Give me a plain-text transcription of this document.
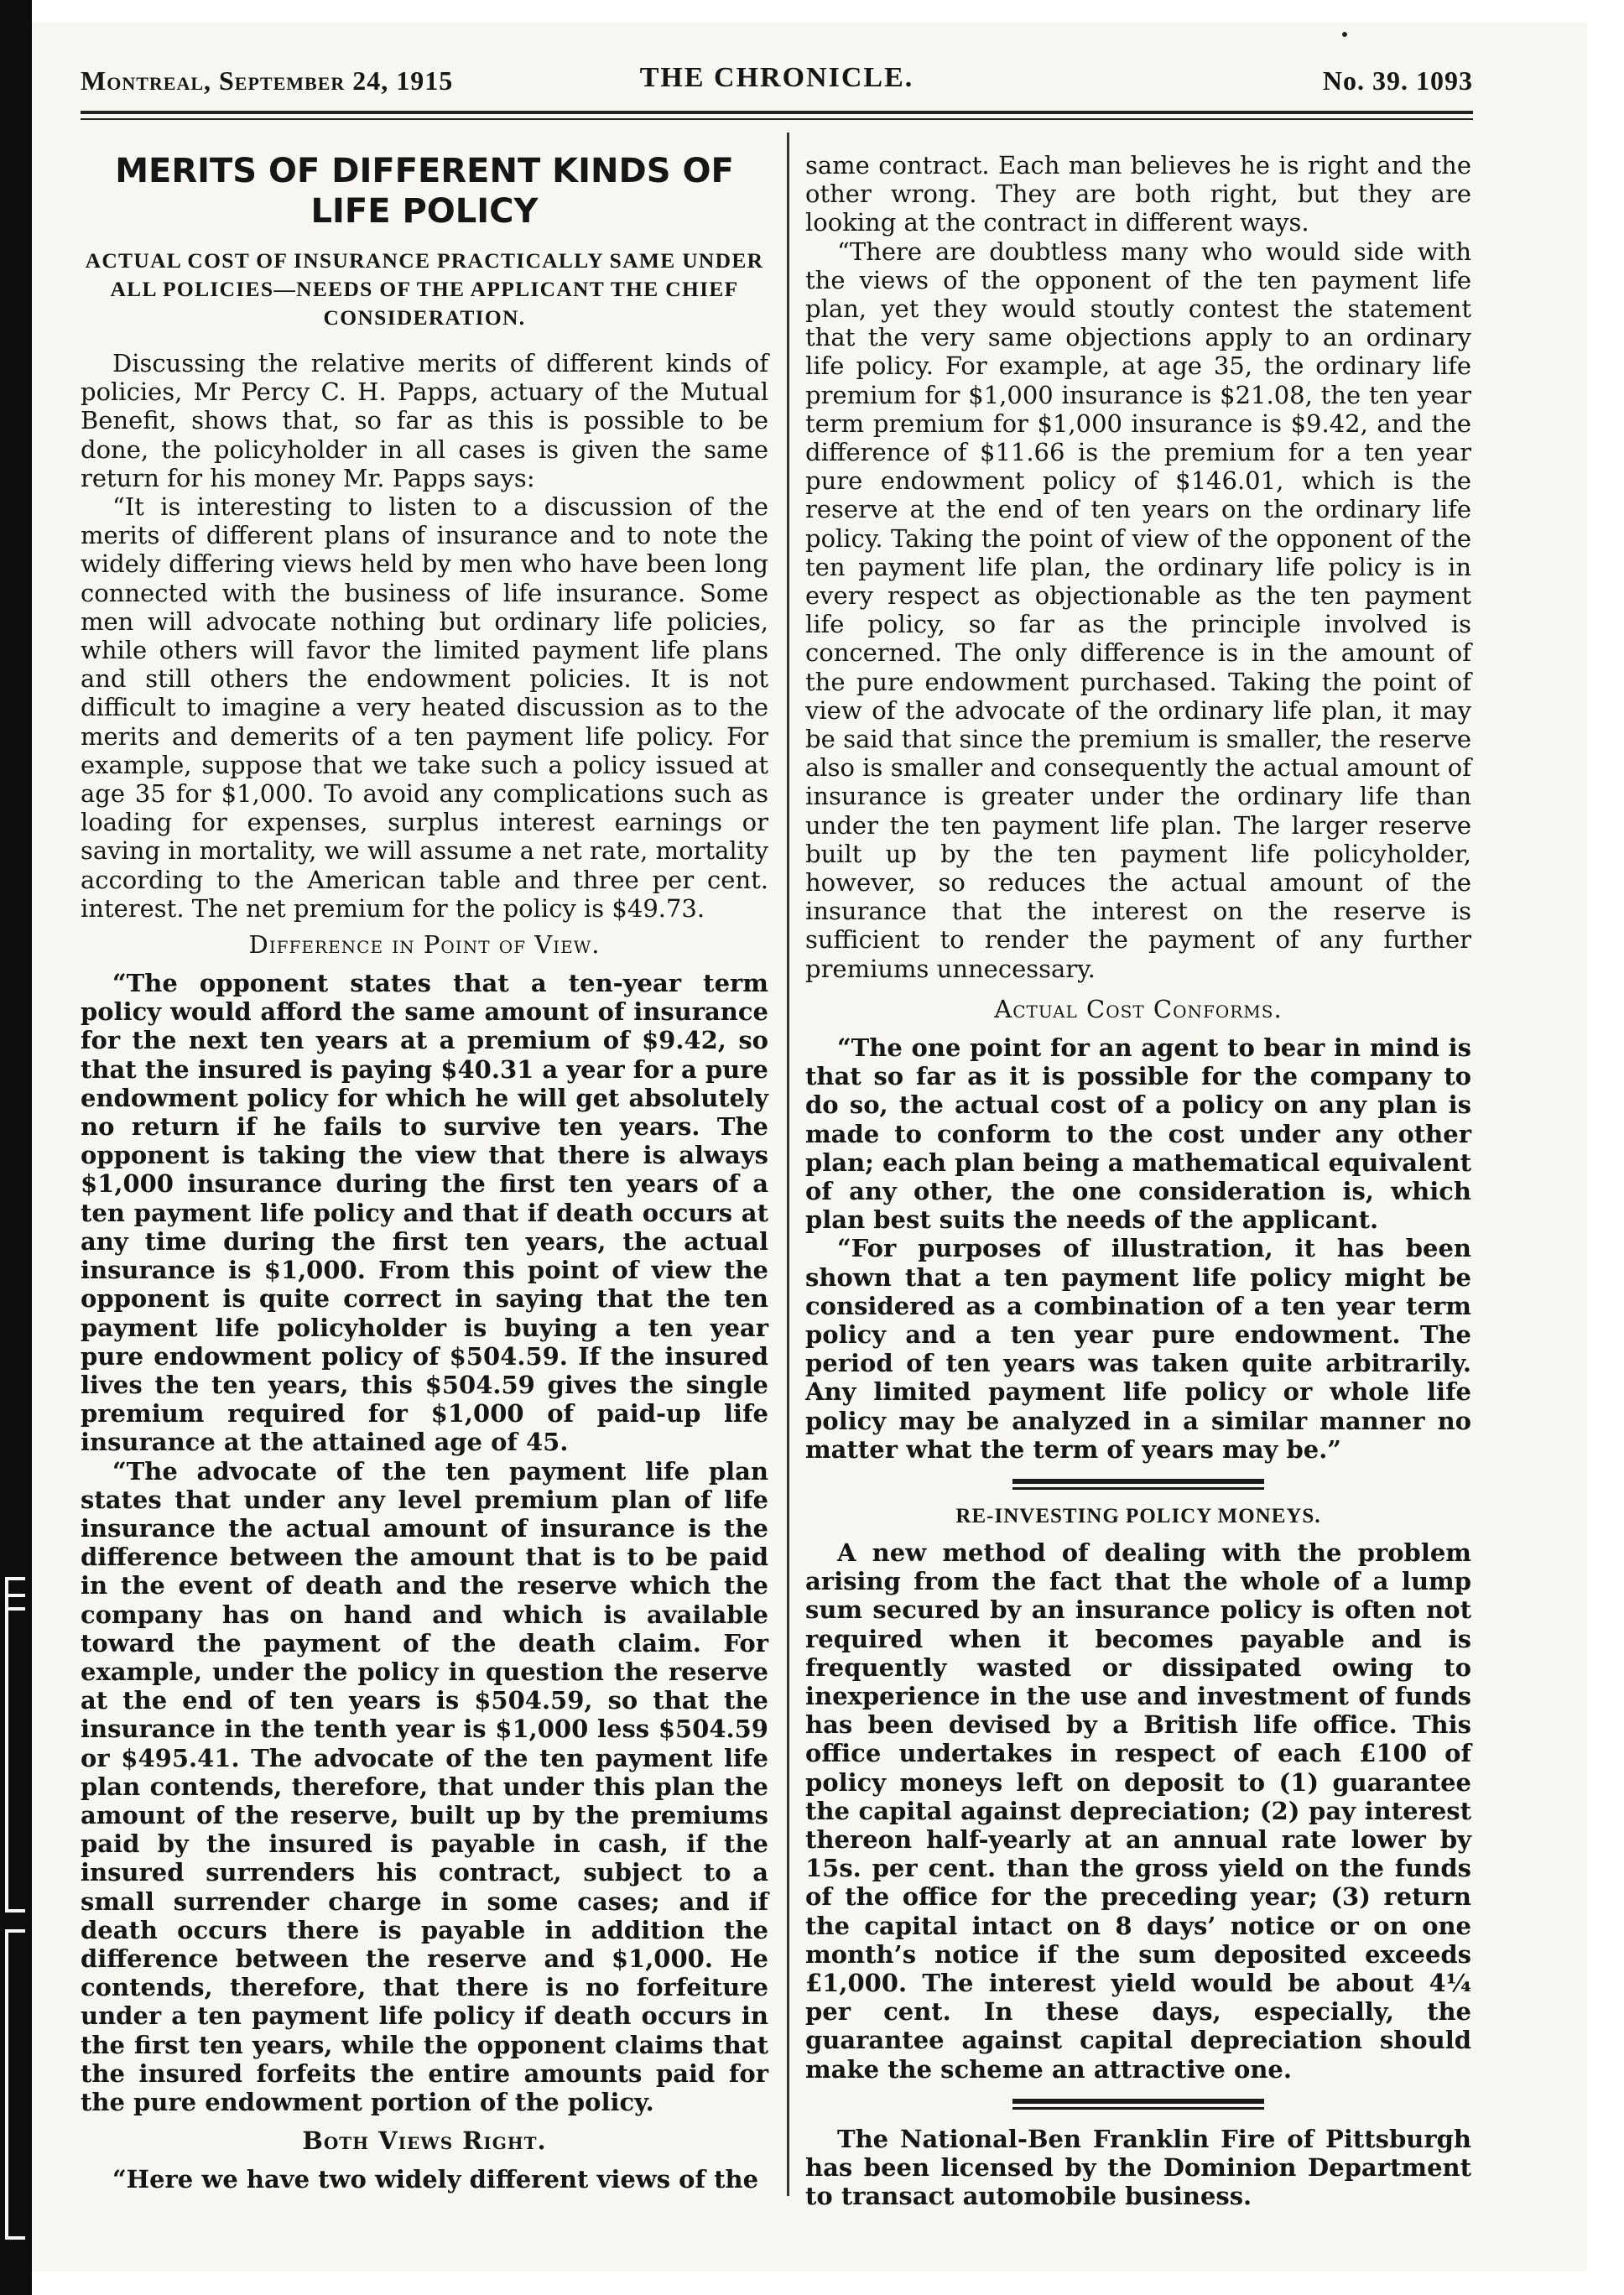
Montreal, September 24, 1915	THE CHRONICLE.	No. 39. 1093
MERITS OF DIFFERENT KINDS OF LIFE POLICY
ACTUAL COST OF INSURANCE PRACTICALLY SAME UNDER ALL POLICIES—NEEDS OF THE APPLICANT THE CHIEF CONSIDERATION.

Discussing the relative merits of different kinds of policies, Mr Percy C. H. Papps, actuary of the Mutual Benefit, shows that, so far as this is possible to be done, the policyholder in all cases is given the same return for his money Mr. Papps says:

“It is interesting to listen to a discussion of the merits of different plans of insurance and to note the widely differing views held by men who have been long connected with the business of life insurance. Some men will advocate nothing but ordinary life policies, while others will favor the limited payment life plans and still others the endowment policies. It is not difficult to imagine a very heated discussion as to the merits and demerits of a ten payment life policy. For example, suppose that we take such a policy issued at age 35 for $1,000. To avoid any complications such as loading for expenses, surplus interest earnings or saving in mortality, we will assume a net rate, mortality according to the American table and three per cent. interest. The net premium for the policy is $49.73.

Difference in Point of View.

“The opponent states that a ten-year term policy would afford the same amount of insurance for the next ten years at a premium of $9.42, so that the insured is paying $40.31 a year for a pure endowment policy for which he will get absolutely no return if he fails to survive ten years. The opponent is taking the view that there is always $1,000 insurance during the first ten years of a ten payment life policy and that if death occurs at any time during the first ten years, the actual insurance is $1,000. From this point of view the opponent is quite correct in saying that the ten payment life policyholder is buying a ten year pure endowment policy of $504.59. If the insured lives the ten years, this $504.59 gives the single premium required for $1,000 of paid-up life insurance at the attained age of 45.

“The advocate of the ten payment life plan states that under any level premium plan of life insurance the actual amount of insurance is the difference between the amount that is to be paid in the event of death and the reserve which the company has on hand and which is available toward the payment of the death claim. For example, under the policy in question the reserve at the end of ten years is $504.59, so that the insurance in the tenth year is $1,000 less $504.59 or $495.41. The advocate of the ten payment life plan contends, therefore, that under this plan the amount of the reserve, built up by the premiums paid by the insured is payable in cash, if the insured surrenders his contract, subject to a small surrender charge in some cases; and if death occurs there is payable in addition the difference between the reserve and $1,000. He contends, therefore, that there is no forfeiture under a ten payment life policy if death occurs in the first ten years, while the opponent claims that the insured forfeits the entire amounts paid for the pure endowment portion of the policy.

Both Views Right.

“Here we have two widely different views of the

same contract. Each man believes he is right and the other wrong. They are both right, but they are looking at the contract in different ways.

“There are doubtless many who would side with the views of the opponent of the ten payment life plan, yet they would stoutly contest the statement that the very same objections apply to an ordinary life policy. For example, at age 35, the ordinary life premium for $1,000 insurance is $21.08, the ten year term premium for $1,000 insurance is $9.42, and the difference of $11.66 is the premium for a ten year pure endowment policy of $146.01, which is the reserve at the end of ten years on the ordinary life policy. Taking the point of view of the opponent of the ten payment life plan, the ordinary life policy is in every respect as objectionable as the ten payment life policy, so far as the principle involved is concerned. The only difference is in the amount of the pure endowment purchased. Taking the point of view of the advocate of the ordinary life plan, it may be said that since the premium is smaller, the reserve also is smaller and consequently the actual amount of insurance is greater under the ordinary life than under the ten payment life plan. The larger reserve built up by the ten payment life policyholder, however, so reduces the actual amount of the insurance that the interest on the reserve is sufficient to render the payment of any further premiums unnecessary.

Actual Cost Conforms.

“The one point for an agent to bear in mind is that so far as it is possible for the company to do so, the actual cost of a policy on any plan is made to conform to the cost under any other plan; each plan being a mathematical equivalent of any other, the one consideration is, which plan best suits the needs of the applicant.

“For purposes of illustration, it has been shown that a ten payment life policy might be considered as a combination of a ten year term policy and a ten year pure endowment. The period of ten years was taken quite arbitrarily. Any limited payment life policy or whole life policy may be analyzed in a similar manner no matter what the term of years may be.”

RE-INVESTING POLICY MONEYS.

A new method of dealing with the problem arising from the fact that the whole of a lump sum secured by an insurance policy is often not required when it becomes payable and is frequently wasted or dissipated owing to inexperience in the use and investment of funds has been devised by a British life office. This office undertakes in respect of each £100 of policy moneys left on deposit to (1) guarantee the capital against depreciation; (2) pay interest thereon half-yearly at an annual rate lower by 15s. per cent. than the gross yield on the funds of the office for the preceding year; (3) return the capital intact on 8 days’ notice or on one month’s notice if the sum deposited exceeds £1,000. The interest yield would be about 4¼ per cent. In these days, especially, the guarantee against capital depreciation should make the scheme an attractive one.

The National-Ben Franklin Fire of Pittsburgh has been licensed by the Dominion Department to transact automobile business.
